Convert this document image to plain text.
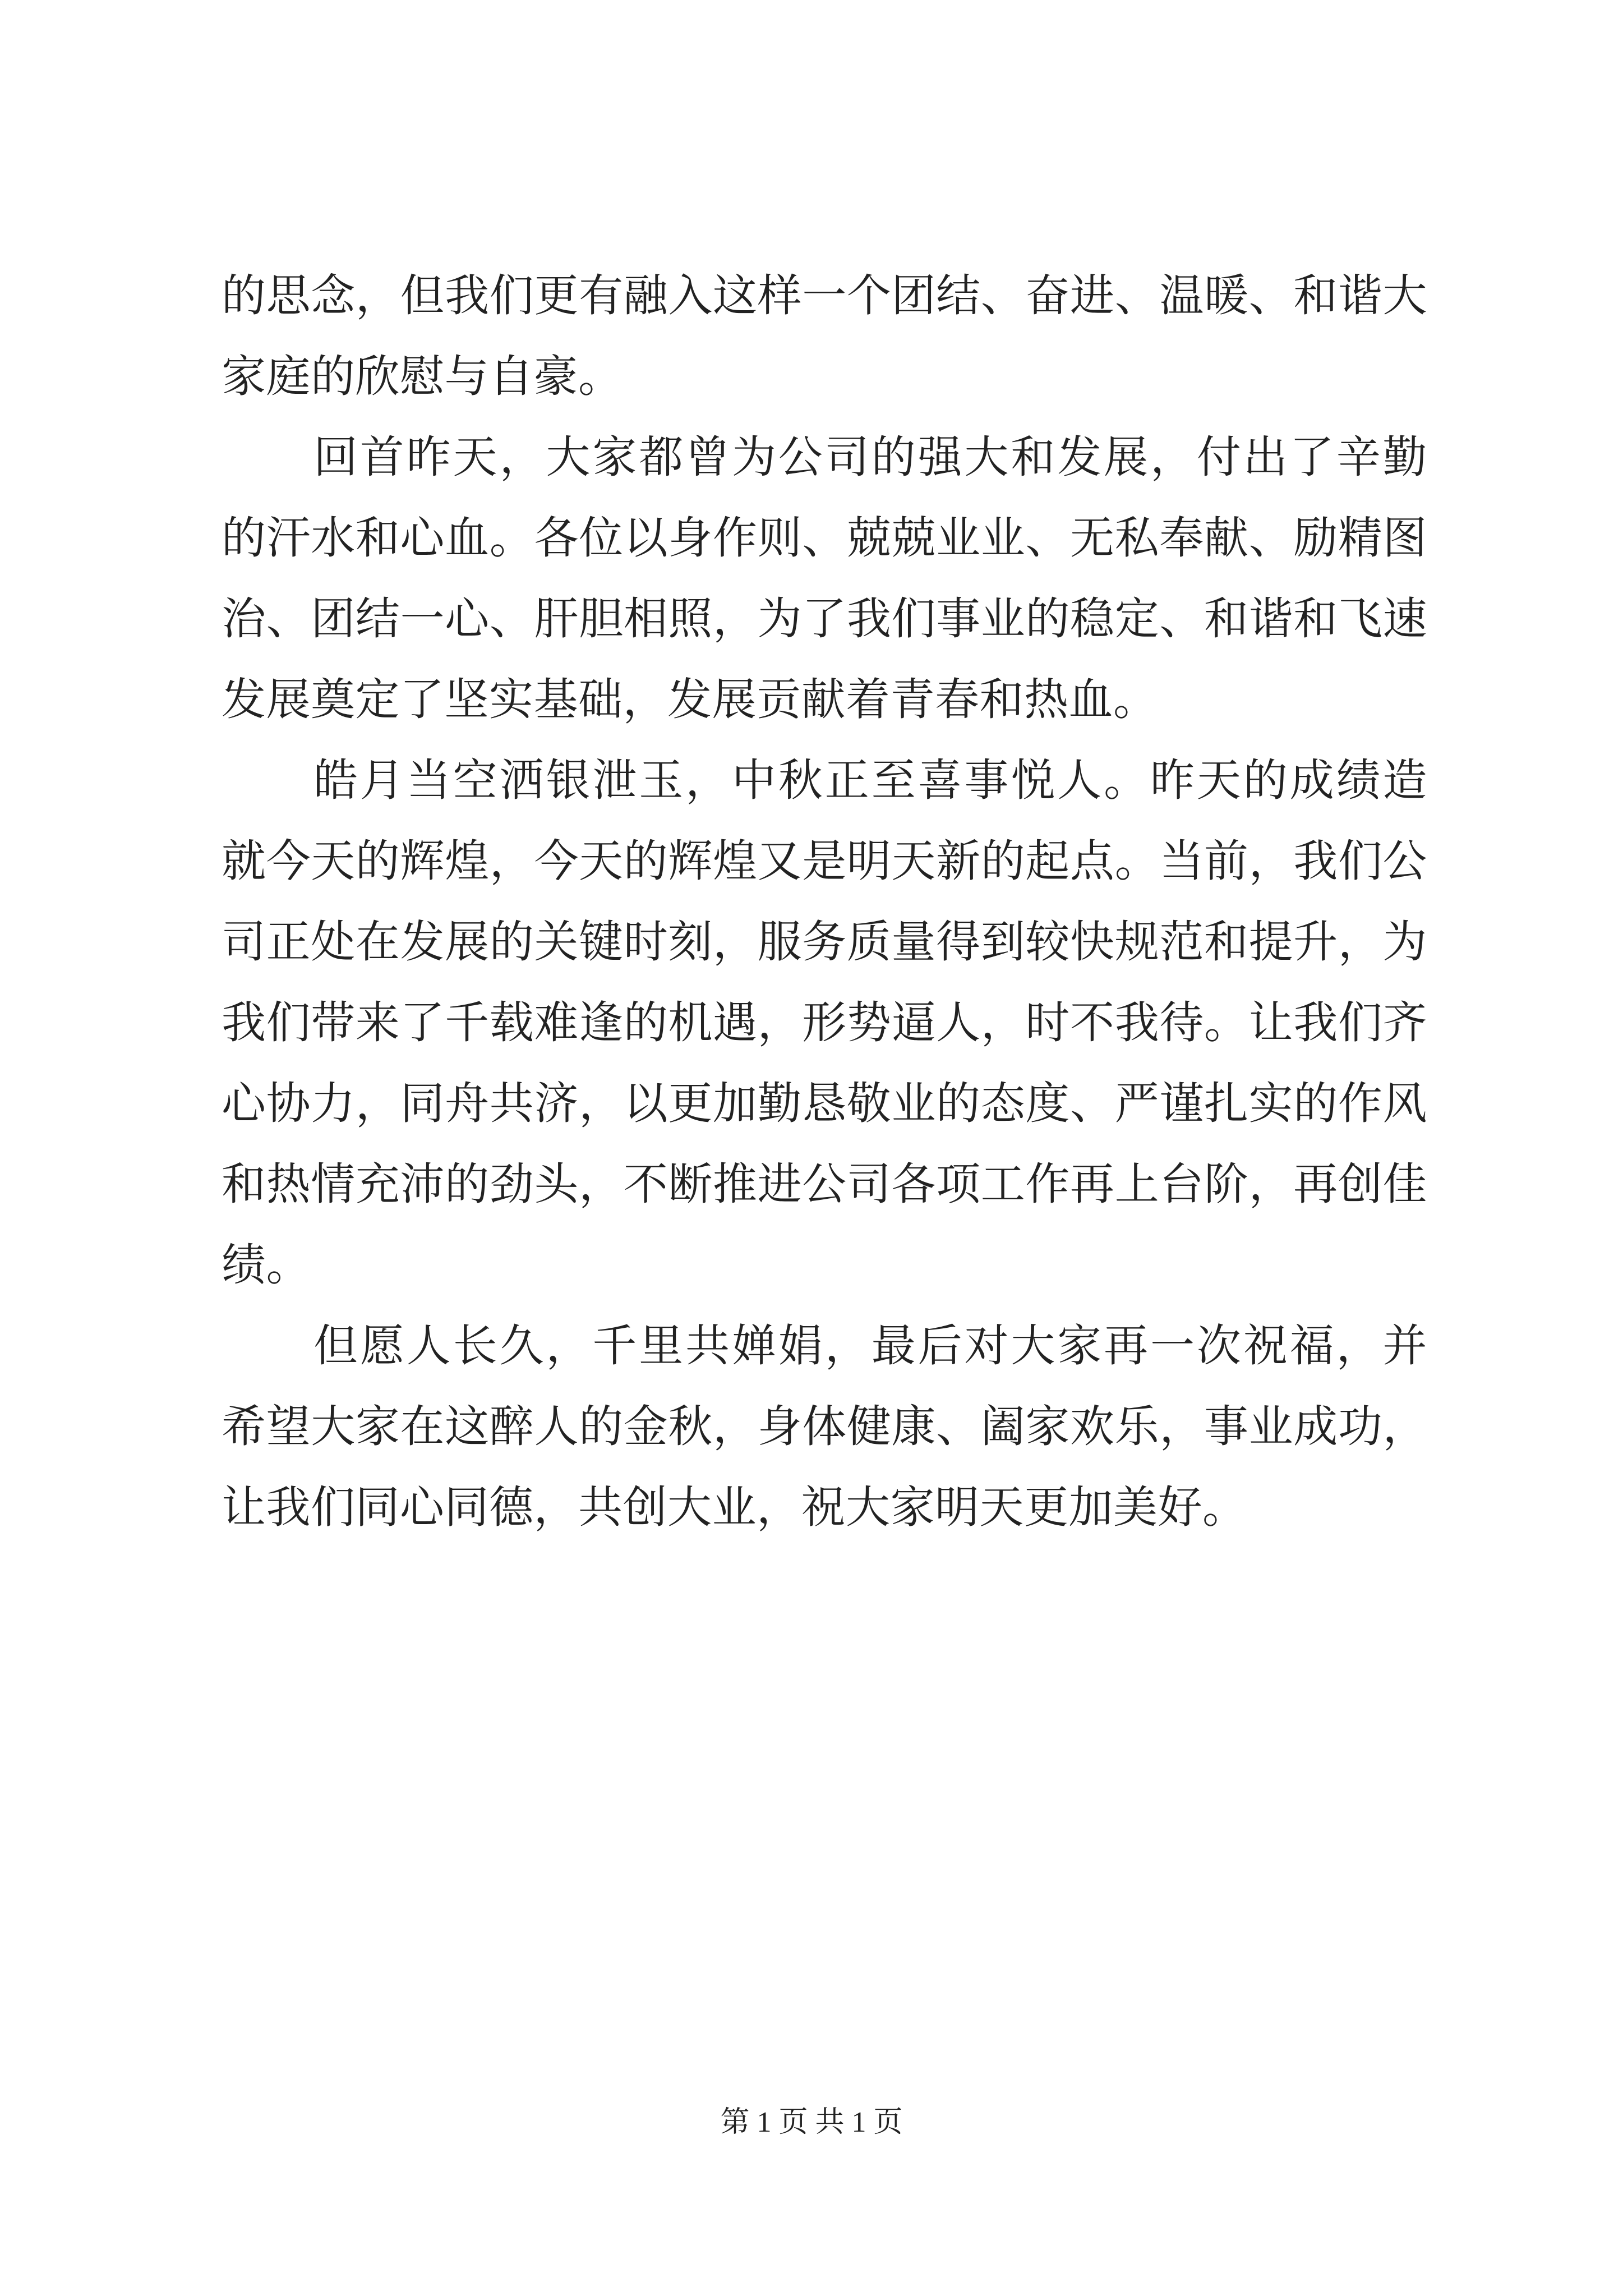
的思念，但我们更有融入这样一个团结、奋进、温暖、和谐大家庭的欣慰与自豪。

回首昨天，大家都曾为公司的强大和发展，付出了辛勤的汗水和心血。各位以身作则、兢兢业业、无私奉献、励精图治、团结一心、肝胆相照，为了我们事业的稳定、和谐和飞速发展奠定了坚实基础，发展贡献着青春和热血。

皓月当空洒银泄玉，中秋正至喜事悦人。昨天的成绩造就今天的辉煌，今天的辉煌又是明天新的起点。当前，我们公司正处在发展的关键时刻，服务质量得到较快规范和提升，为我们带来了千载难逢的机遇，形势逼人，时不我待。让我们齐心协力，同舟共济，以更加勤恳敬业的态度、严谨扎实的作风和热情充沛的劲头，不断推进公司各项工作再上台阶，再创佳绩。

但愿人长久，千里共婵娟，最后对大家再一次祝福，并希望大家在这醉人的金秋，身体健康、阖家欢乐，事业成功，让我们同心同德，共创大业，祝大家明天更加美好。

第 1 页 共 1 页
